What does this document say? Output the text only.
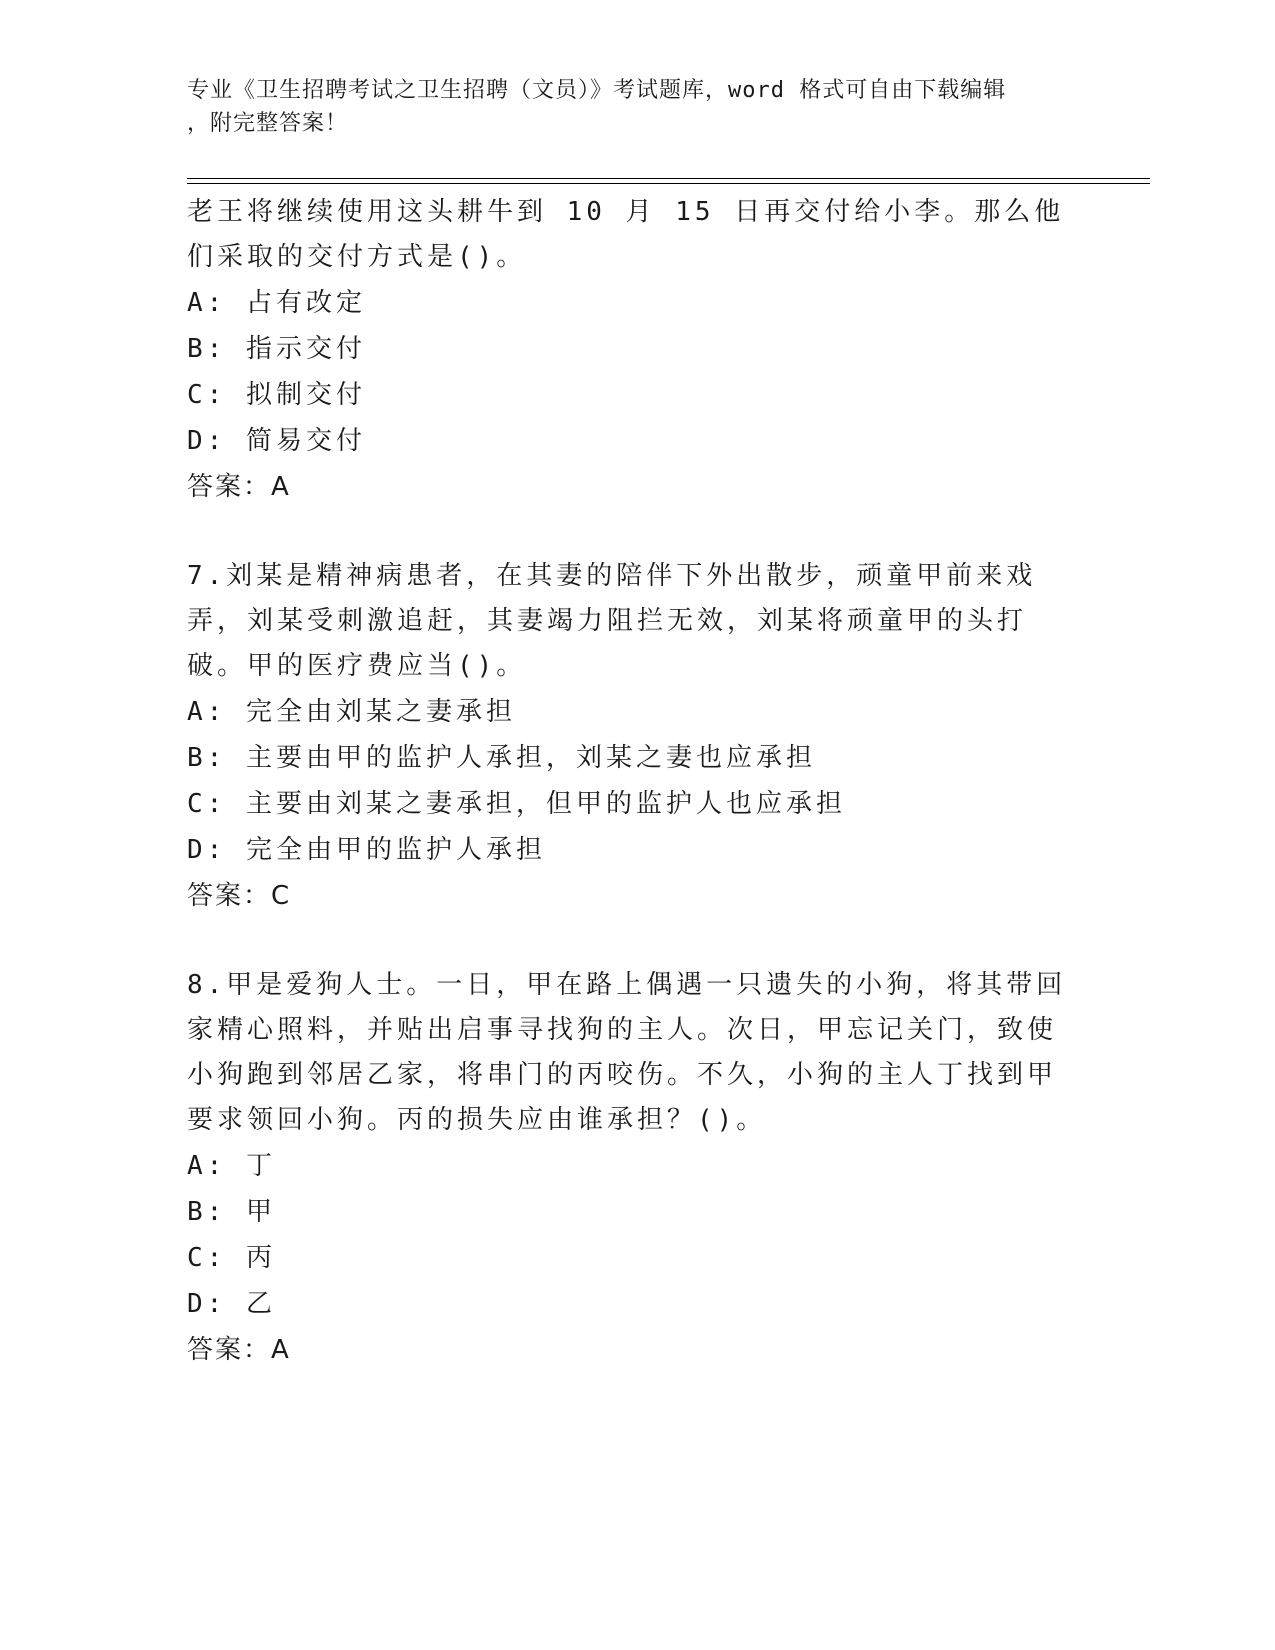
专业《卫生招聘考试之卫生招聘（文员）》考试题库，word 格式可自由下载编辑
，附完整答案！

老王将继续使用这头耕牛到 10 月 15 日再交付给小李。那么他们采取的交付方式是()。

A: 占有改定

B: 指示交付

C: 拟制交付

D: 简易交付

答案：A

7.刘某是精神病患者，在其妻的陪伴下外出散步，顽童甲前来戏弄，刘某受刺激追赶，其妻竭力阻拦无效，刘某将顽童甲的头打破。甲的医疗费应当()。

A: 完全由刘某之妻承担

B: 主要由甲的监护人承担，刘某之妻也应承担

C: 主要由刘某之妻承担，但甲的监护人也应承担

D: 完全由甲的监护人承担

答案：C

8.甲是爱狗人士。一日，甲在路上偶遇一只遗失的小狗，将其带回家精心照料，并贴出启事寻找狗的主人。次日，甲忘记关门，致使小狗跑到邻居乙家，将串门的丙咬伤。不久，小狗的主人丁找到甲要求领回小狗。丙的损失应由谁承担？()。

A: 丁

B: 甲

C: 丙

D: 乙

答案：A
